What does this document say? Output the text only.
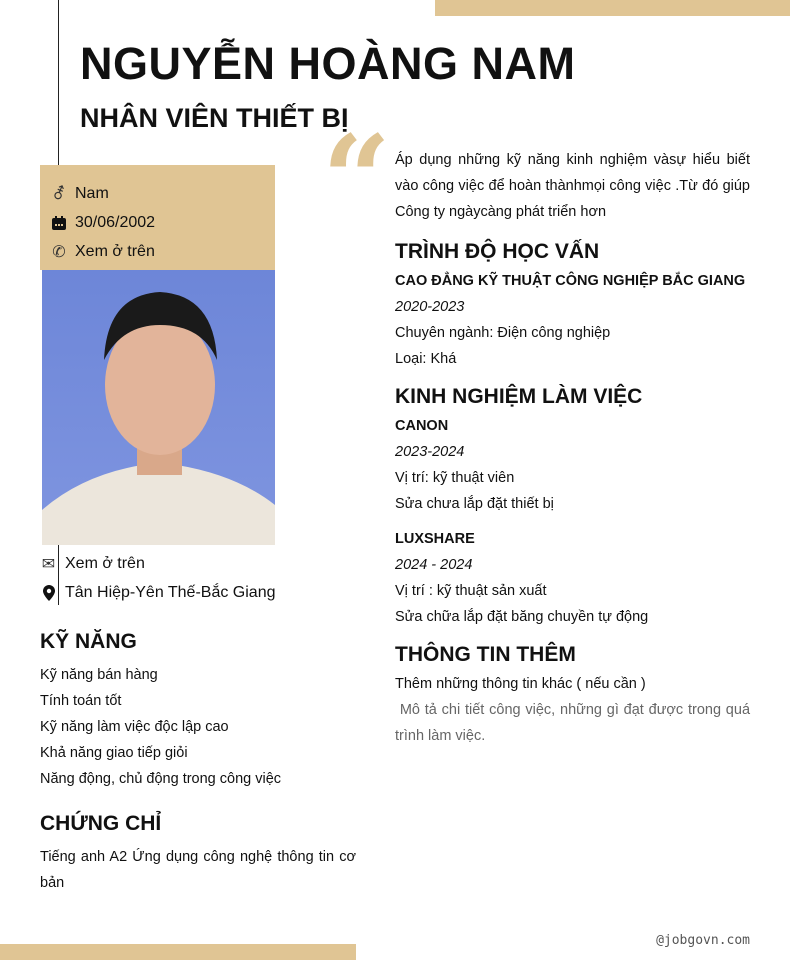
NGUYỄN HOÀNG NAM
NHÂN VIÊN THIẾT BỊ
⚦ Nam
30/06/2002
✆ Xem ở trên
✉ Xem ở trên
Tân Hiệp-Yên Thế-Bắc Giang
KỸ NĂNG

Kỹ năng bán hàng

Tính toán tốt

Kỹ năng làm việc độc lập cao

Khả năng giao tiếp giỏi

Năng động, chủ động trong công việc

CHỨNG CHỈ

Tiếng anh A2 Ứng dụng công nghệ thông tin cơ bản

“ Áp dụng những kỹ năng kinh nghiệm vàsự hiểu biết vào công việc để hoàn thànhmọi công việc .Từ đó giúp Công ty ngàycàng phát triển hơn

TRÌNH ĐỘ HỌC VẤN
CAO ĐẲNG KỸ THUẬT CÔNG NGHIỆP BẮC GIANG

2020-2023

Chuyên ngành: Điện công nghiệp

Loại: Khá

KINH NGHIỆM LÀM VIỆC
CANON

2023-2024

Vị trí: kỹ thuật viên

Sửa chưa lắp đặt thiết bị

LUXSHARE

2024 - 2024

Vị trí : kỹ thuật sản xuất

Sửa chữa lắp đặt băng chuyền tự động

THÔNG TIN THÊM

Thêm những thông tin khác ( nếu cần )

Mô tả chi tiết công việc, những gì đạt được trong quá trình làm việc.

@jobgovn.com
